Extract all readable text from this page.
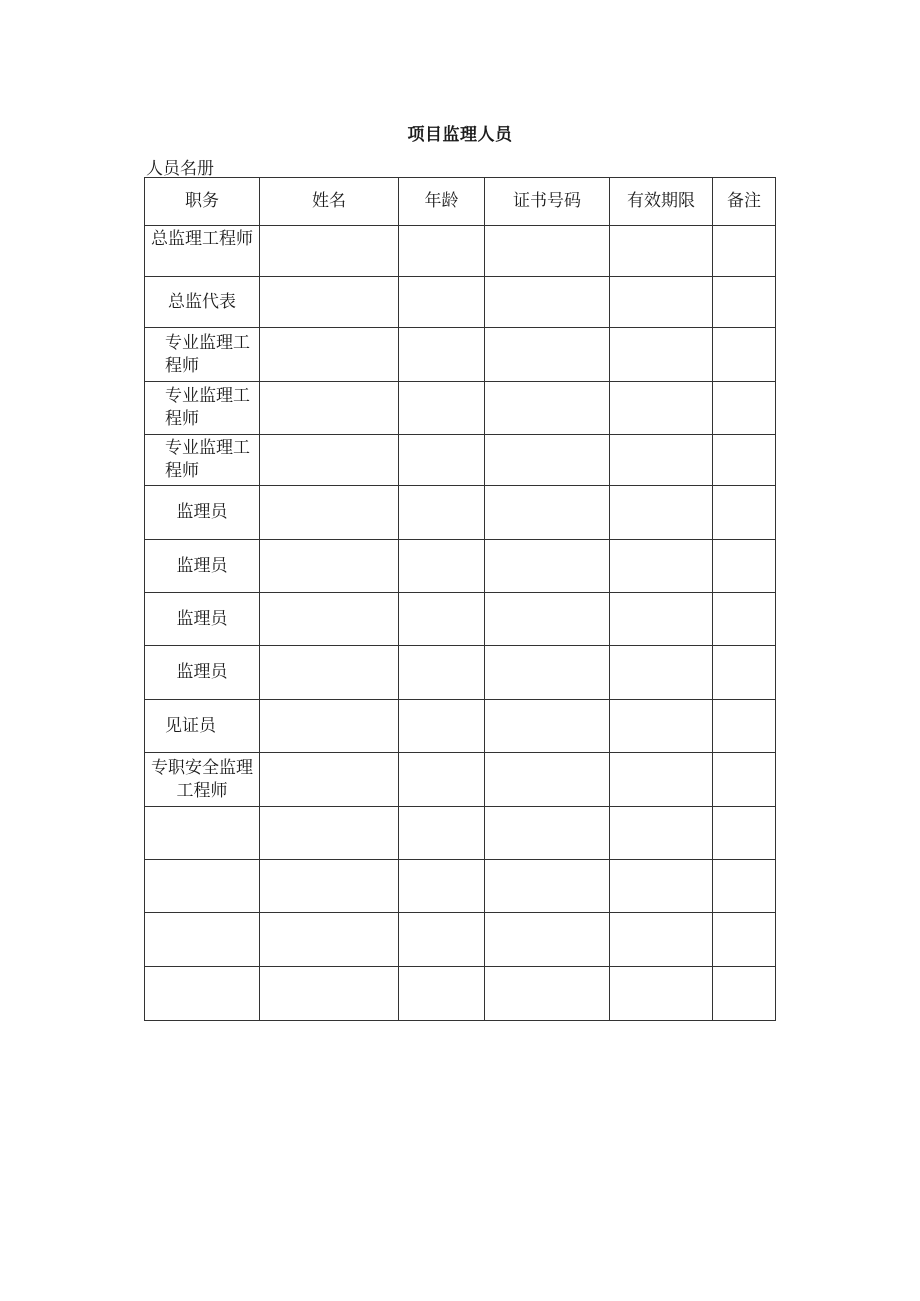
项目监理人员
人员名册
职务	姓名	年龄	证书号码	有效期限	备注
总监理工程师					
总监代表					
专业监理工程师					
专业监理工程师					
专业监理工程师					
监理员					
监理员					
监理员					
监理员					
见证员					
专职安全监理工程师					
